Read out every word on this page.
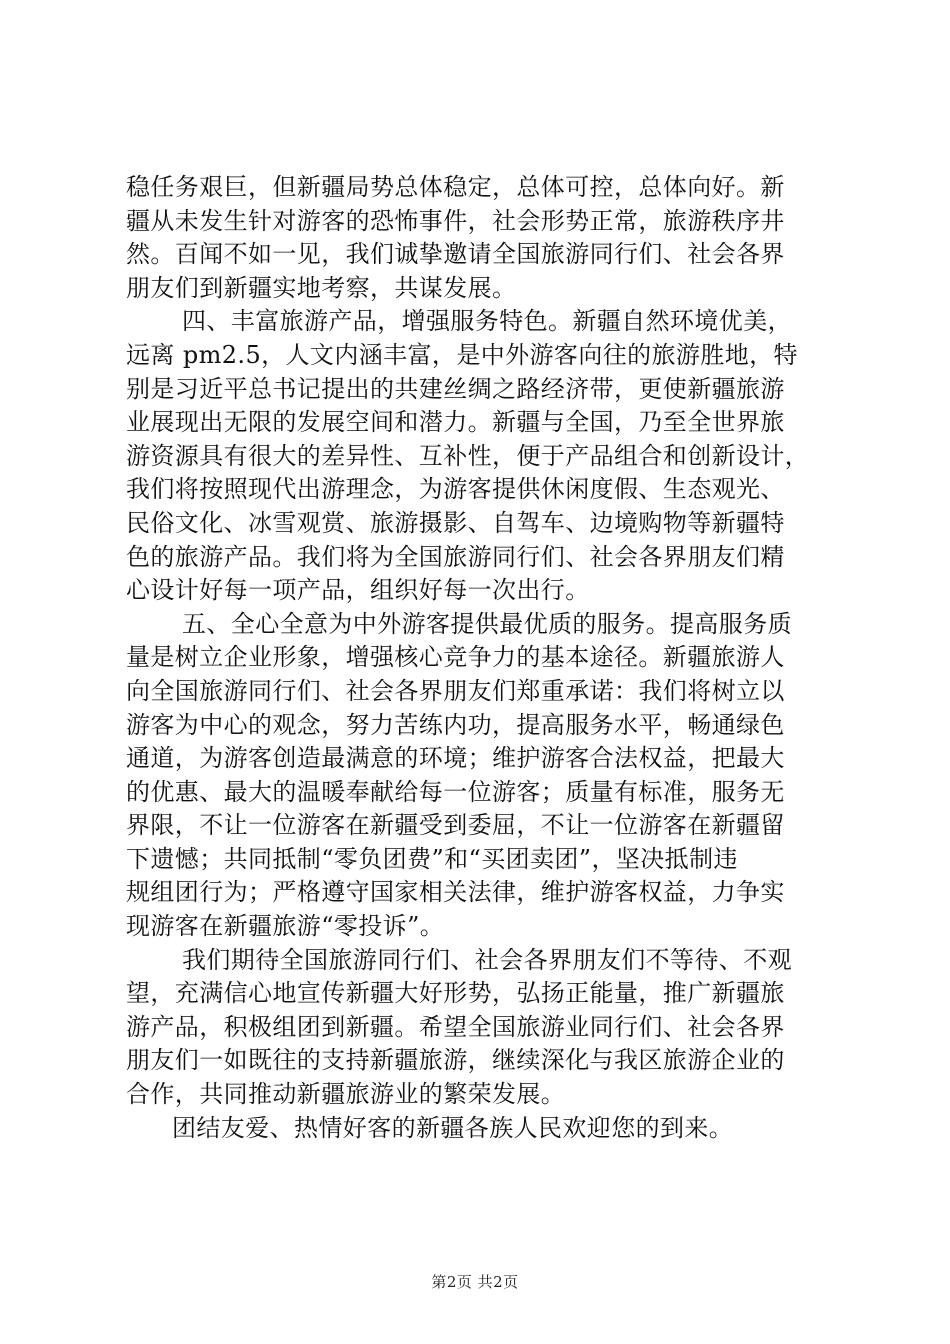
稳任务艰巨，但新疆局势总体稳定，总体可控，总体向好。新
疆从未发生针对游客的恐怖事件，社会形势正常，旅游秩序井
然。百闻不如一见，我们诚挚邀请全国旅游同行们、社会各界
朋友们到新疆实地考察，共谋发展。
四、丰富旅游产品，增强服务特色。新疆自然环境优美，
远离 pm2.5，人文内涵丰富，是中外游客向往的旅游胜地，特
别是习近平总书记提出的共建丝绸之路经济带，更使新疆旅游
业展现出无限的发展空间和潜力。新疆与全国，乃至全世界旅
游资源具有很大的差异性、互补性，便于产品组合和创新设计，
我们将按照现代出游理念，为游客提供休闲度假、生态观光、
民俗文化、冰雪观赏、旅游摄影、自驾车、边境购物等新疆特
色的旅游产品。我们将为全国旅游同行们、社会各界朋友们精
心设计好每一项产品，组织好每一次出行。
五、全心全意为中外游客提供最优质的服务。提高服务质
量是树立企业形象，增强核心竞争力的基本途径。新疆旅游人
向全国旅游同行们、社会各界朋友们郑重承诺：我们将树立以
游客为中心的观念，努力苦练内功，提高服务水平，畅通绿色
通道，为游客创造最满意的环境；维护游客合法权益，把最大
的优惠、最大的温暖奉献给每一位游客；质量有标准，服务无
界限，不让一位游客在新疆受到委屈，不让一位游客在新疆留
下遗憾；共同抵制“零负团费”和“买团卖团”，坚决抵制违
规组团行为；严格遵守国家相关法律，维护游客权益，力争实
现游客在新疆旅游“零投诉”。
我们期待全国旅游同行们、社会各界朋友们不等待、不观
望，充满信心地宣传新疆大好形势，弘扬正能量，推广新疆旅
游产品，积极组团到新疆。希望全国旅游业同行们、社会各界
朋友们一如既往的支持新疆旅游，继续深化与我区旅游企业的
合作，共同推动新疆旅游业的繁荣发展。
团结友爱、热情好客的新疆各族人民欢迎您的到来。
第2页 共2页
